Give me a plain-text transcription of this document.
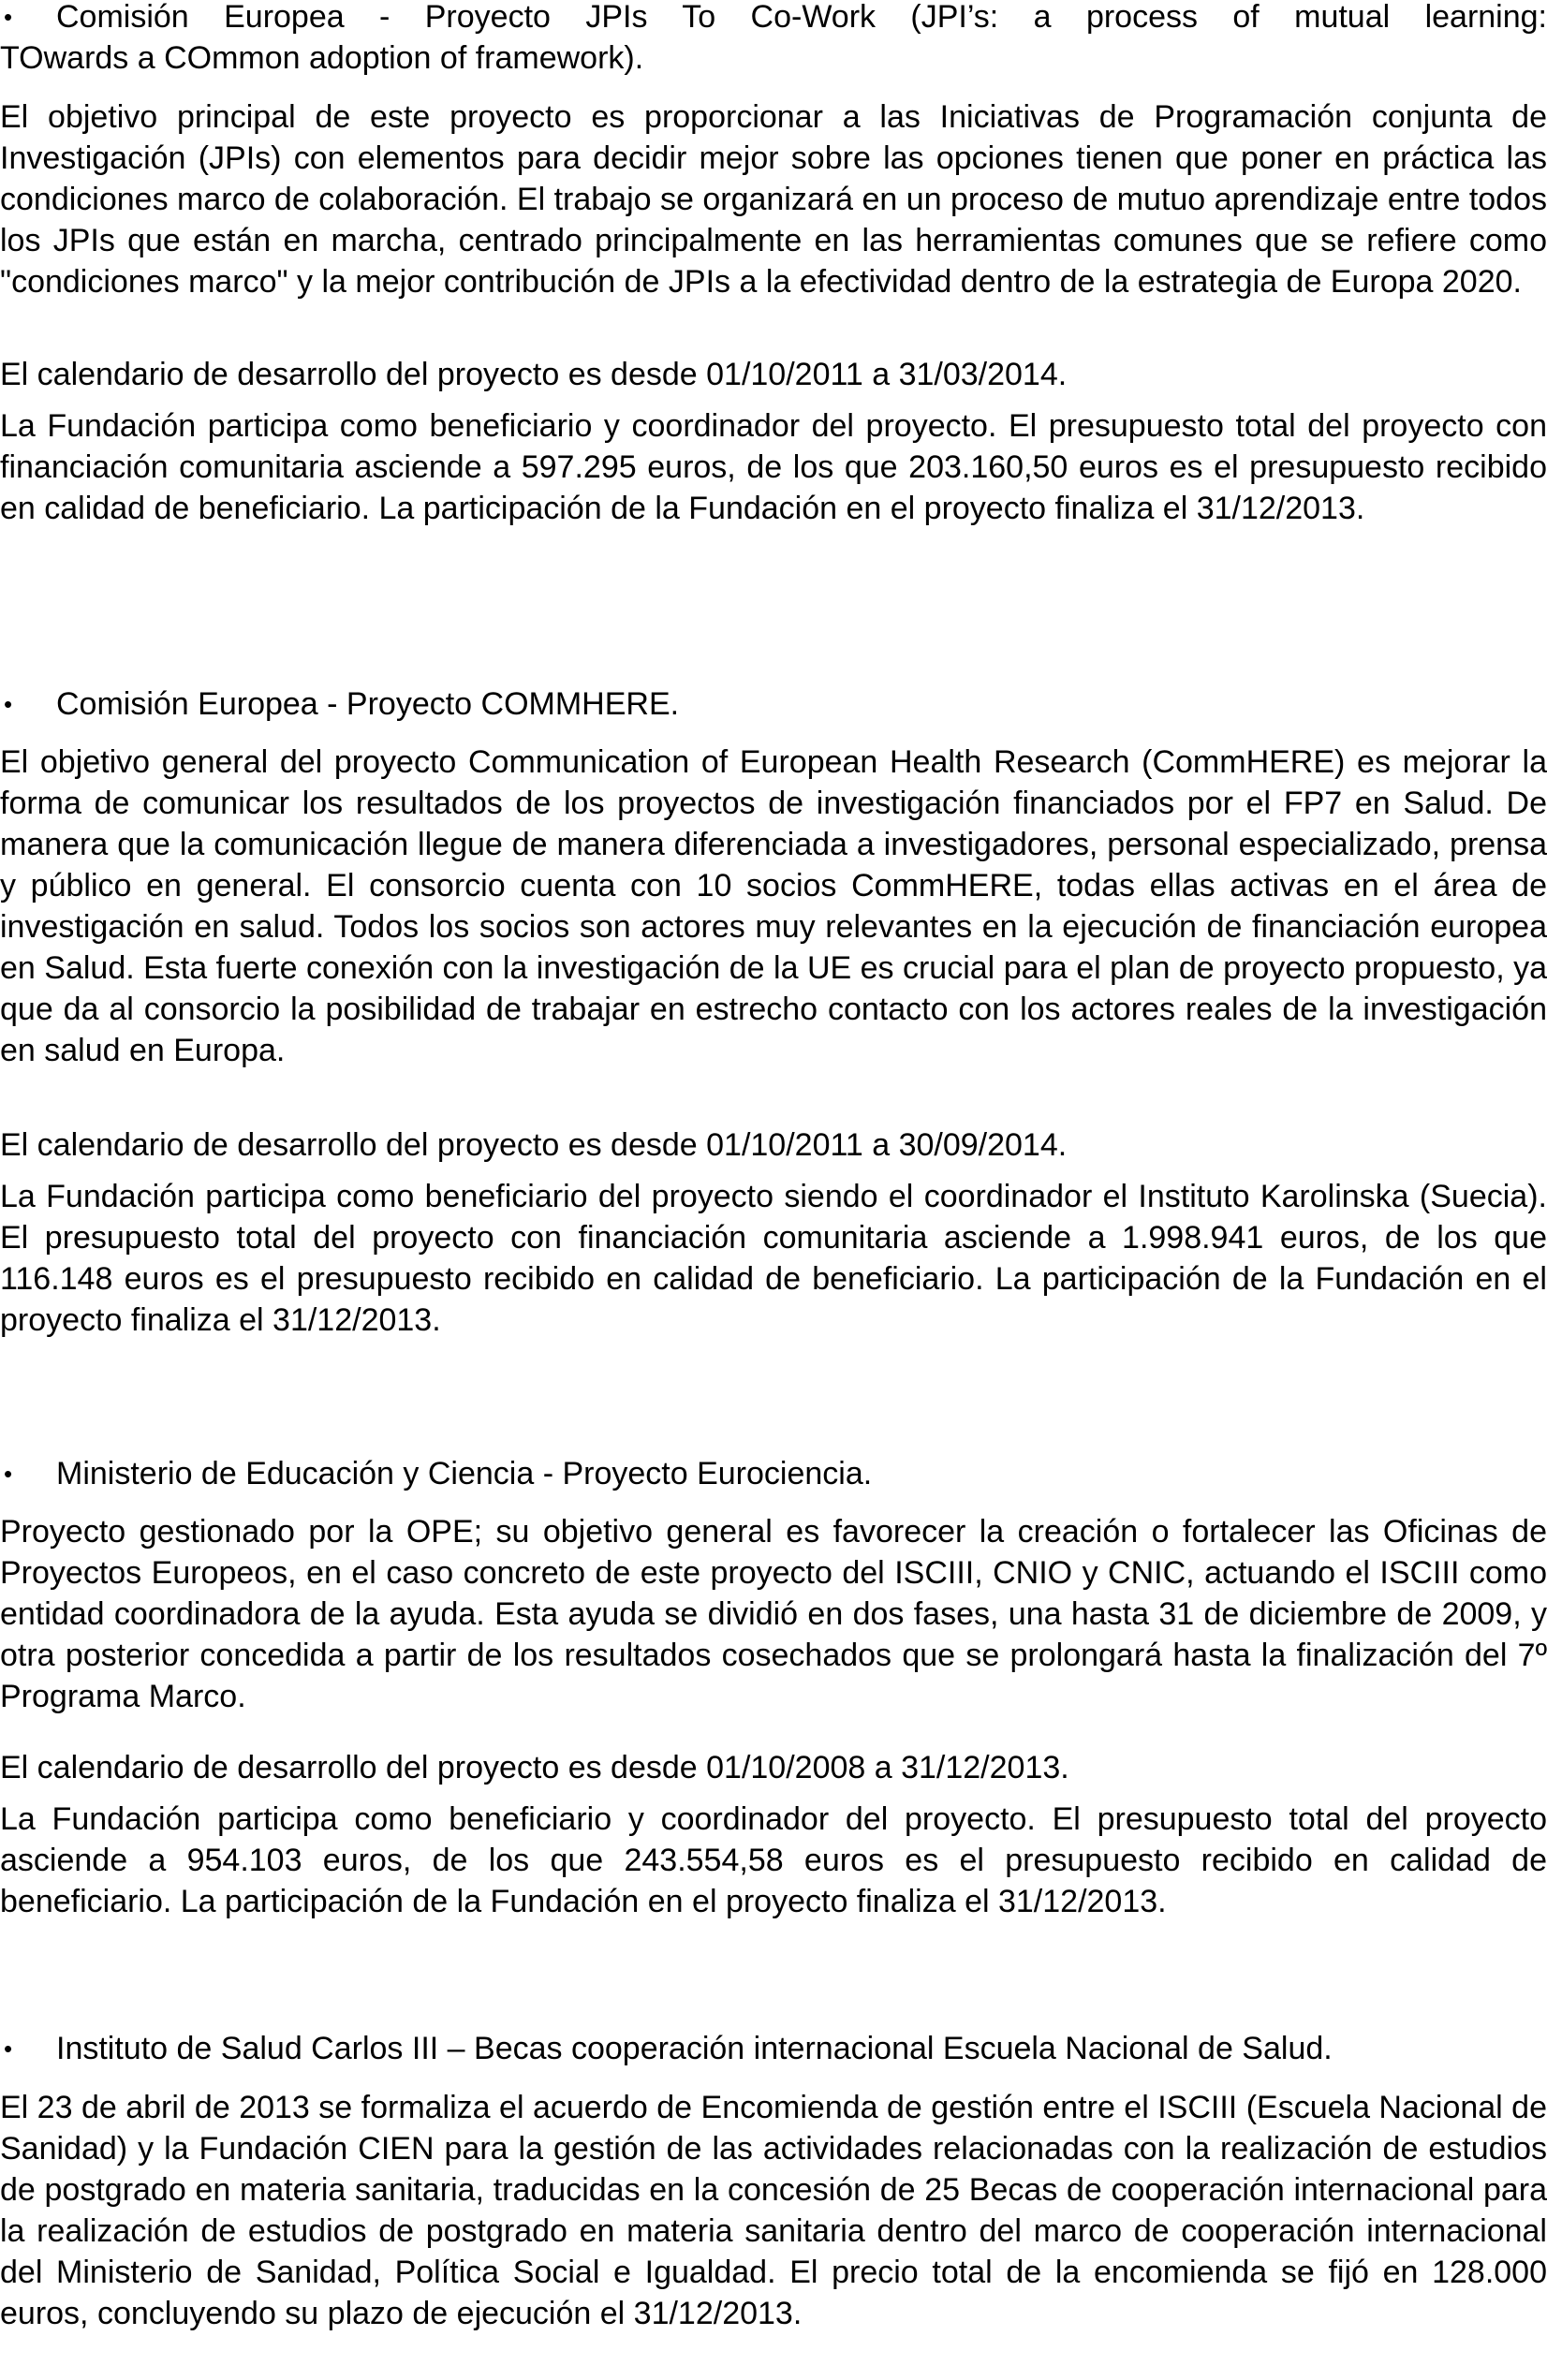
• Comisión Europea - Proyecto JPIs To Co-Work (JPI’s: a process of mutual learning:
TOwards a COmmon adoption of framework).

El objetivo principal de este proyecto es proporcionar a las Iniciativas de Programación conjunta de Investigación (JPIs) con elementos para decidir mejor sobre las opciones tienen que poner en práctica las condiciones marco de colaboración. El trabajo se organizará en un proceso de mutuo aprendizaje entre todos los JPIs que están en marcha, centrado principalmente en las herramientas comunes que se refiere como "condiciones marco" y la mejor contribución de JPIs a la efectividad dentro de la estrategia de Europa 2020.

El calendario de desarrollo del proyecto es desde 01/10/2011 a 31/03/2014.

La Fundación participa como beneficiario y coordinador del proyecto. El presupuesto total del proyecto con financiación comunitaria asciende a 597.295 euros, de los que 203.160,50 euros es el presupuesto recibido en calidad de beneficiario. La participación de la Fundación en el proyecto finaliza el 31/12/2013.

• Comisión Europea - Proyecto COMMHERE.

El objetivo general del proyecto Communication of European Health Research (CommHERE) es mejorar la forma de comunicar los resultados de los proyectos de investigación financiados por el FP7 en Salud. De manera que la comunicación llegue de manera diferenciada a investigadores, personal especializado, prensa y público en general. El consorcio cuenta con 10 socios CommHERE, todas ellas activas en el área de investigación en salud. Todos los socios son actores muy relevantes en la ejecución de financiación europea en Salud. Esta fuerte conexión con la investigación de la UE es crucial para el plan de proyecto propuesto, ya que da al consorcio la posibilidad de trabajar en estrecho contacto con los actores reales de la investigación en salud en Europa.

El calendario de desarrollo del proyecto es desde 01/10/2011 a 30/09/2014.

La Fundación participa como beneficiario del proyecto siendo el coordinador el Instituto Karolinska (Suecia). El presupuesto total del proyecto con financiación comunitaria asciende a 1.998.941 euros, de los que 116.148 euros es el presupuesto recibido en calidad de beneficiario. La participación de la Fundación en el proyecto finaliza el 31/12/2013.

• Ministerio de Educación y Ciencia - Proyecto Eurociencia.

Proyecto gestionado por la OPE; su objetivo general es favorecer la creación o fortalecer las Oficinas de Proyectos Europeos, en el caso concreto de este proyecto del ISCIII, CNIO y CNIC, actuando el ISCIII como entidad coordinadora de la ayuda. Esta ayuda se dividió en dos fases, una hasta 31 de diciembre de 2009, y otra posterior concedida a partir de los resultados cosechados que se prolongará hasta la finalización del 7º Programa Marco.

El calendario de desarrollo del proyecto es desde 01/10/2008 a 31/12/2013.

La Fundación participa como beneficiario y coordinador del proyecto. El presupuesto total del proyecto asciende a 954.103 euros, de los que 243.554,58 euros es el presupuesto recibido en calidad de beneficiario. La participación de la Fundación en el proyecto finaliza el 31/12/2013.

• Instituto de Salud Carlos III – Becas cooperación internacional Escuela Nacional de Salud.

El 23 de abril de 2013 se formaliza el acuerdo de Encomienda de gestión entre el ISCIII (Escuela Nacional de Sanidad) y la Fundación CIEN para la gestión de las actividades relacionadas con la realización de estudios de postgrado en materia sanitaria, traducidas en la concesión de 25 Becas de cooperación internacional para la realización de estudios de postgrado en materia sanitaria dentro del marco de cooperación internacional del Ministerio de Sanidad, Política Social e Igualdad. El precio total de la encomienda se fijó en 128.000 euros, concluyendo su plazo de ejecución el 31/12/2013.
